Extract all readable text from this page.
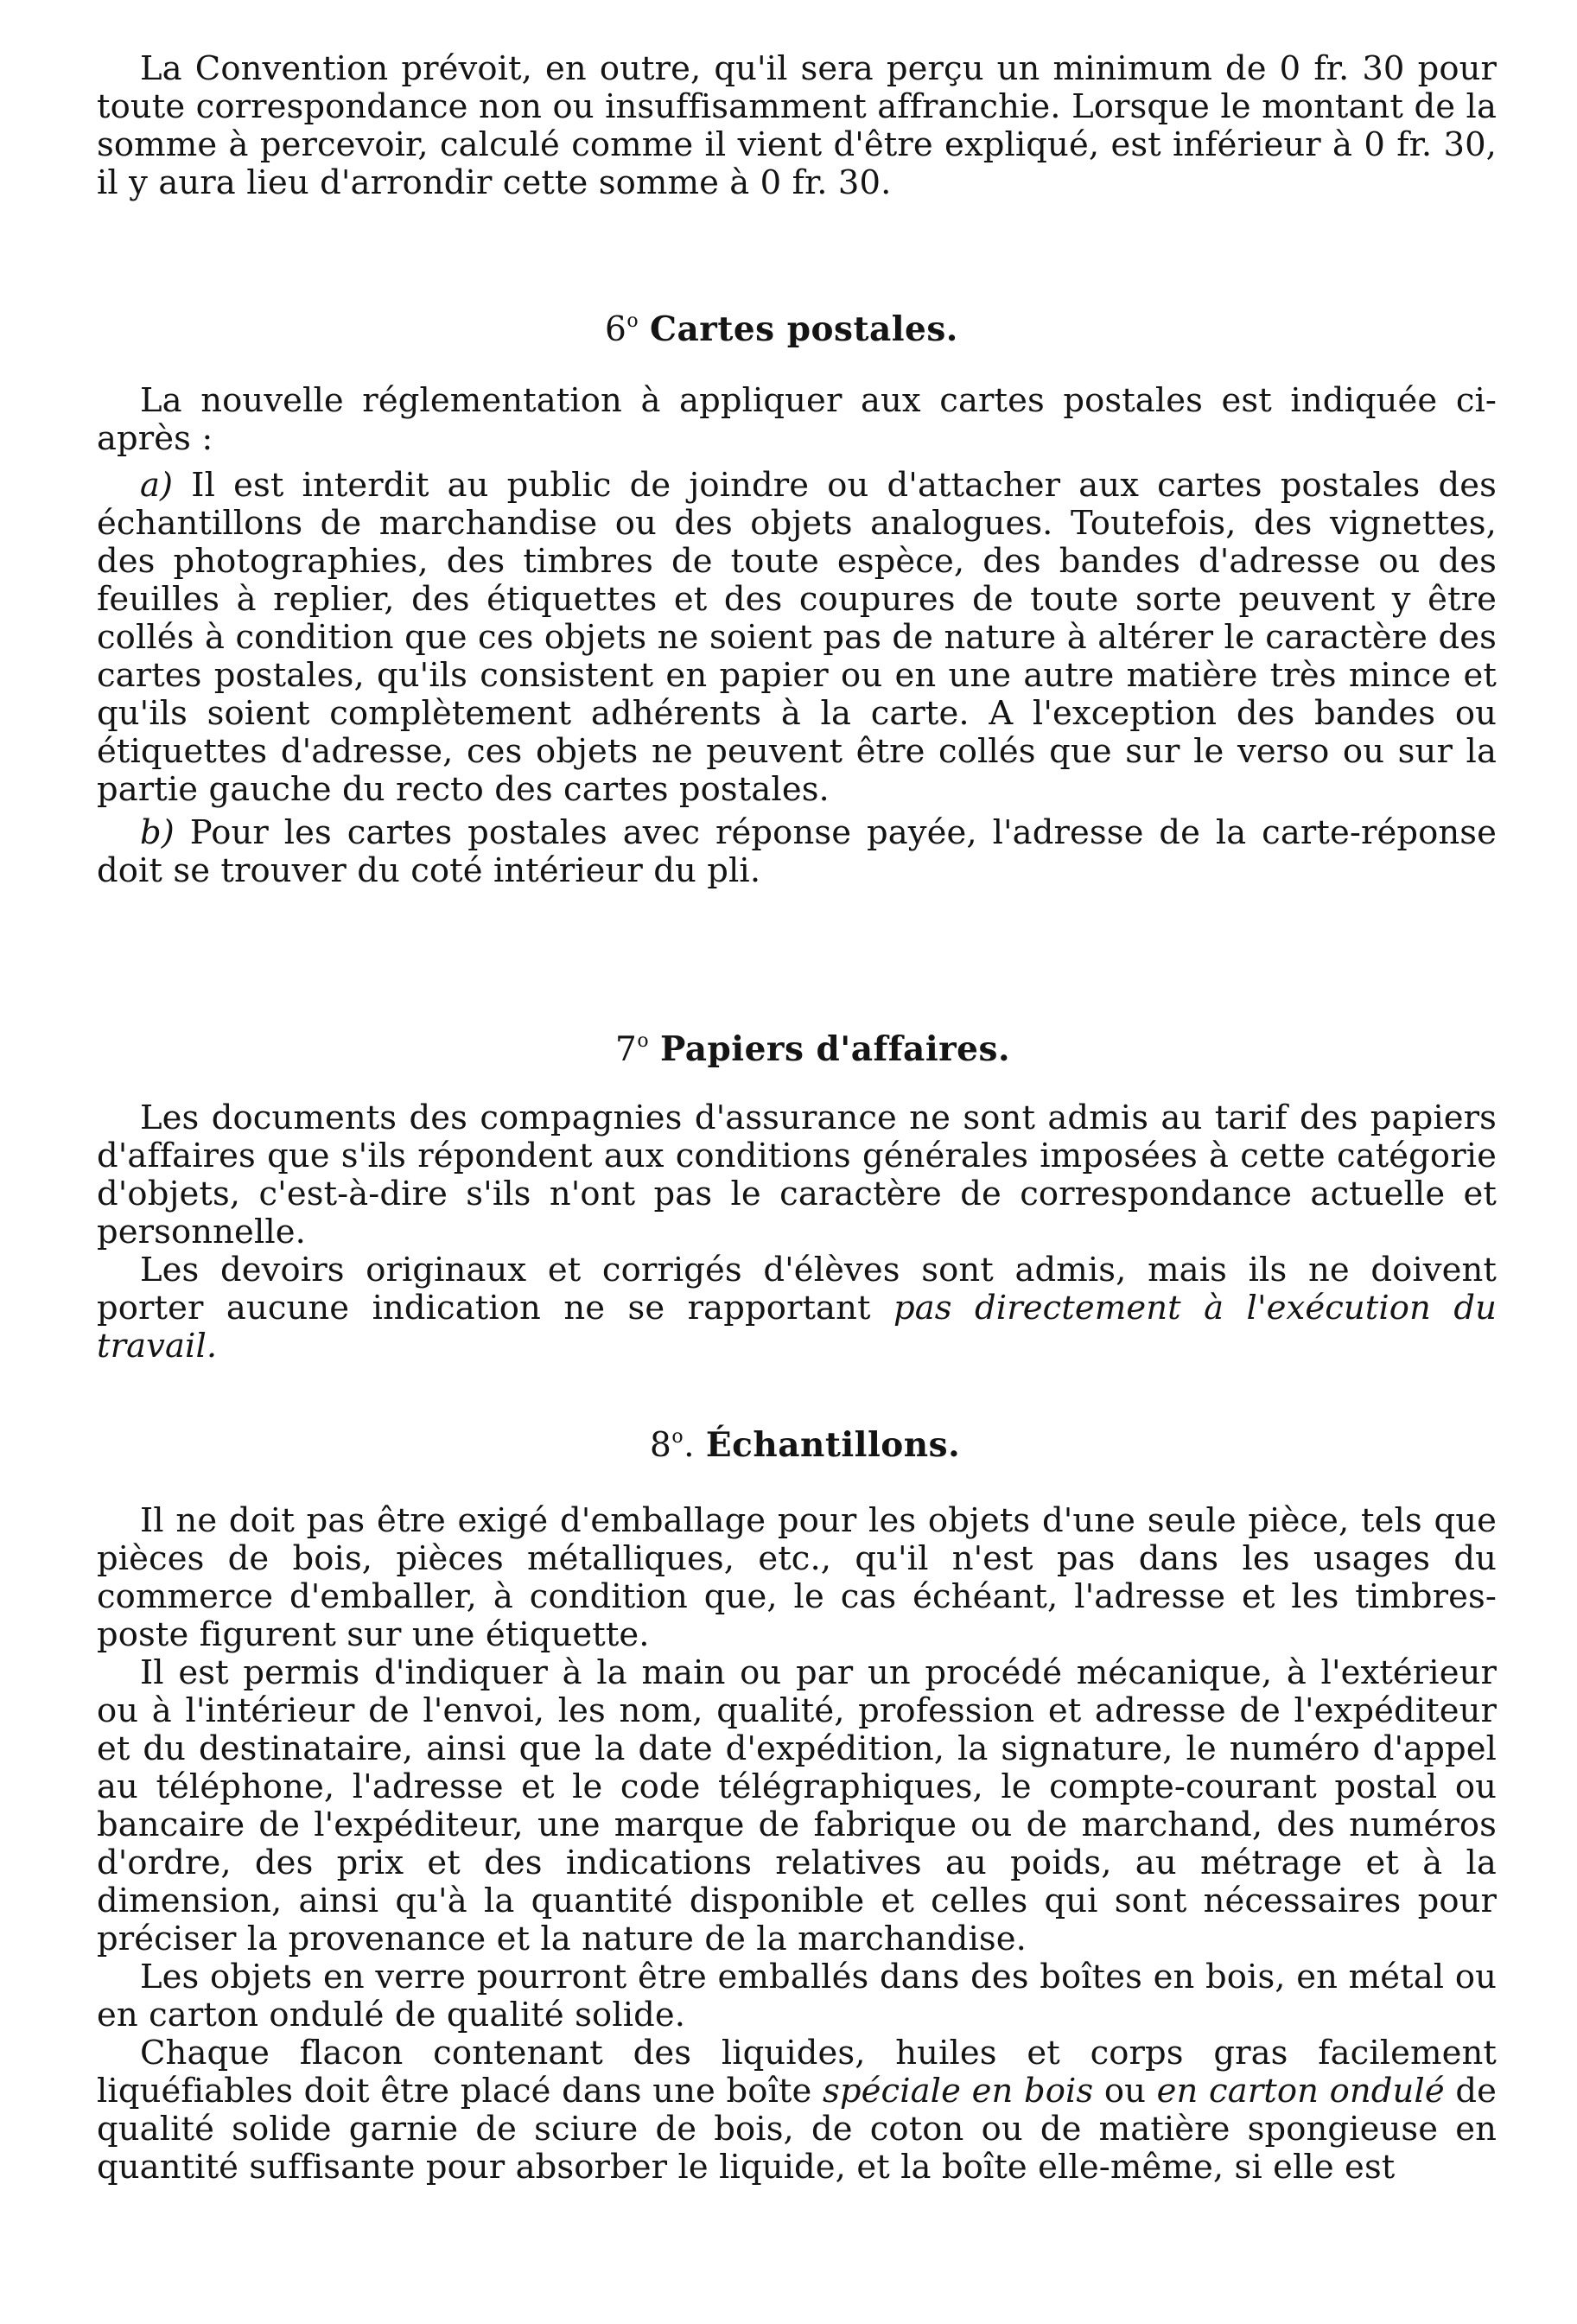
La Convention prévoit, en outre, qu'il sera perçu un minimum de 0 fr. 30 pour toute correspondance non ou insuffisamment affranchie. Lorsque le montant de la somme à percevoir, calculé comme il vient d'être expliqué, est inférieur à 0 fr. 30, il y aura lieu d'arrondir cette somme à 0 fr. 30.

6$^o$ Cartes postales.

La nouvelle réglementation à appliquer aux cartes postales est indiquée ci-après :

a) Il est interdit au public de joindre ou d'attacher aux cartes postales des échantillons de marchandise ou des objets analogues. Toutefois, des vignettes, des photographies, des timbres de toute espèce, des bandes d'adresse ou des feuilles à replier, des étiquettes et des coupures de toute sorte peuvent y être collés à condition que ces objets ne soient pas de nature à altérer le caractère des cartes postales, qu'ils consistent en papier ou en une autre matière très mince et qu'ils soient complètement adhérents à la carte. A l'exception des bandes ou étiquettes d'adresse, ces objets ne peuvent être collés que sur le verso ou sur la partie gauche du recto des cartes postales.

b) Pour les cartes postales avec réponse payée, l'adresse de la carte-réponse doit se trouver du coté intérieur du pli.

7$^o$ Papiers d'affaires.

Les documents des compagnies d'assurance ne sont admis au tarif des papiers d'affaires que s'ils répondent aux conditions générales imposées à cette catégorie d'objets, c'est-à-dire s'ils n'ont pas le caractère de correspondance actuelle et personnelle.

Les devoirs originaux et corrigés d'élèves sont admis, mais ils ne doivent porter aucune indication ne se rapportant pas directement à l'exécution du travail.

8$^o$. Échantillons.

Il ne doit pas être exigé d'emballage pour les objets d'une seule pièce, tels que pièces de bois, pièces métalliques, etc., qu'il n'est pas dans les usages du commerce d'emballer, à condition que, le cas échéant, l'adresse et les timbres-poste figurent sur une étiquette.

Il est permis d'indiquer à la main ou par un procédé mécanique, à l'extérieur ou à l'intérieur de l'envoi, les nom, qualité, profession et adresse de l'expéditeur et du destinataire, ainsi que la date d'expédition, la signature, le numéro d'appel au téléphone, l'adresse et le code télégraphiques, le compte-courant postal ou bancaire de l'expéditeur, une marque de fabrique ou de marchand, des numéros d'ordre, des prix et des indications relatives au poids, au métrage et à la dimension, ainsi qu'à la quantité disponible et celles qui sont nécessaires pour préciser la provenance et la nature de la marchandise.

Les objets en verre pourront être emballés dans des boîtes en bois, en métal ou en carton ondulé de qualité solide.

Chaque flacon contenant des liquides, huiles et corps gras facilement liquéfiables doit être placé dans une boîte spéciale en bois ou en carton ondulé de qualité solide garnie de sciure de bois, de coton ou de matière spongieuse en quantité suffisante pour absorber le liquide, et la boîte elle-même, si elle est
